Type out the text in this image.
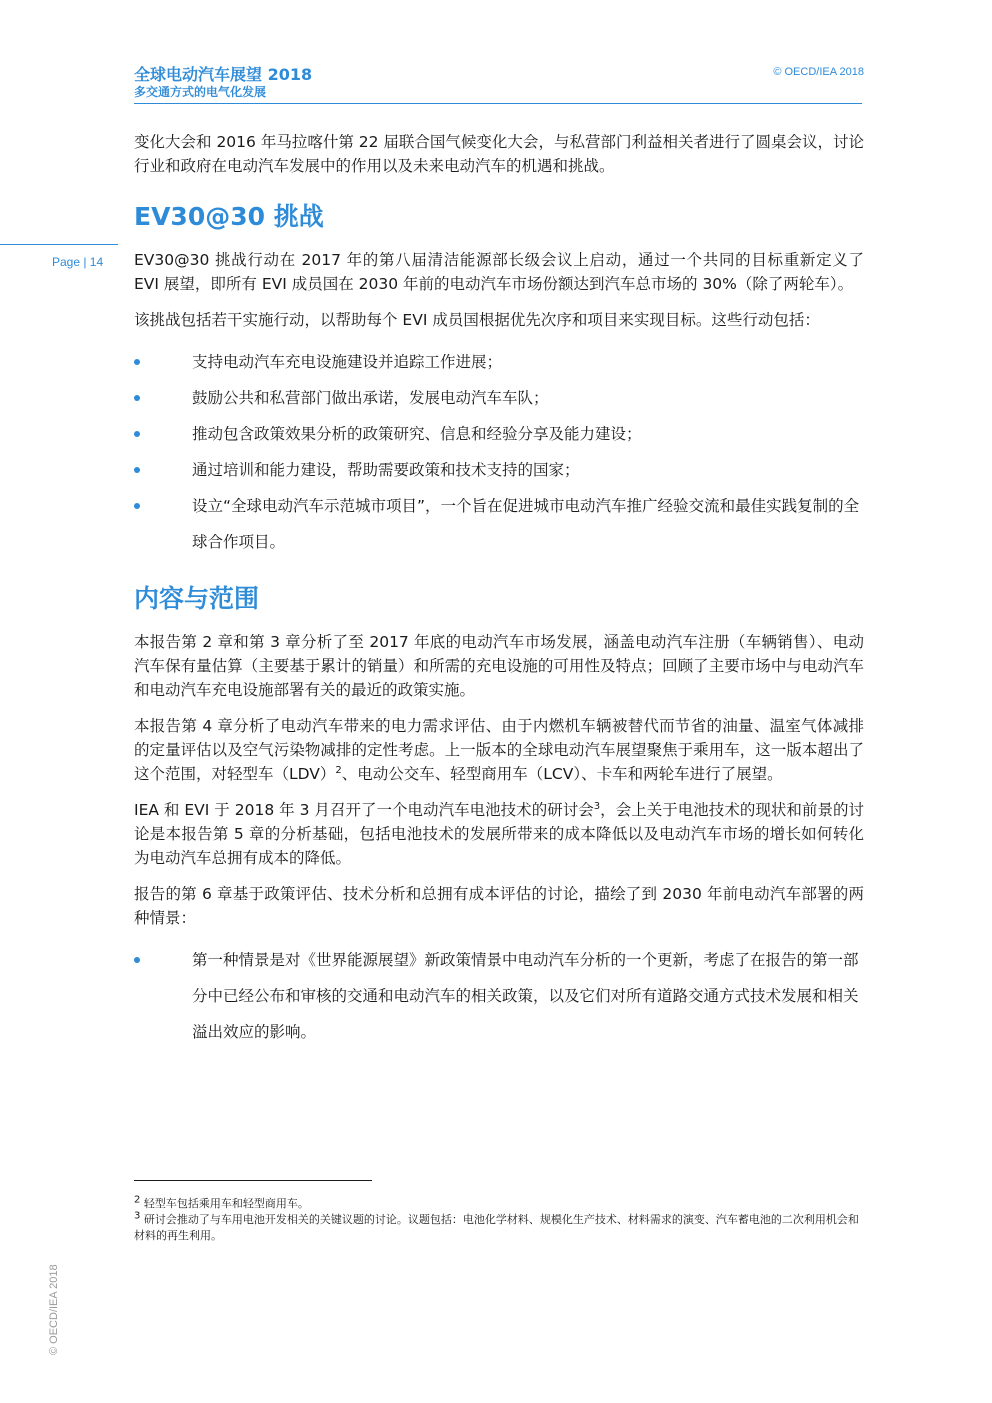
全球电动汽车展望 2018
多交通方式的电气化发展
© OECD/IEA 2018
Page | 14

变化大会和 2016 年马拉喀什第 22 届联合国气候变化大会，与私营部门利益相关者进行了圆桌会议，讨论行业和政府在电动汽车发展中的作用以及未来电动汽车的机遇和挑战。

EV30@30 挑战

EV30@30 挑战行动在 2017 年的第八届清洁能源部长级会议上启动，通过一个共同的目标重新定义了 EVI 展望，即所有 EVI 成员国在 2030 年前的电动汽车市场份额达到汽车总市场的 30%（除了两轮车）。

该挑战包括若干实施行动，以帮助每个 EVI 成员国根据优先次序和项目来实现目标。这些行动包括：

支持电动汽车充电设施建设并追踪工作进展；
鼓励公共和私营部门做出承诺，发展电动汽车车队；
推动包含政策效果分析的政策研究、信息和经验分享及能力建设；
通过培训和能力建设，帮助需要政策和技术支持的国家；
设立“全球电动汽车示范城市项目”，一个旨在促进城市电动汽车推广经验交流和最佳实践复制的全球合作项目。
内容与范围

本报告第 2 章和第 3 章分析了至 2017 年底的电动汽车市场发展，涵盖电动汽车注册（车辆销售）、电动汽车保有量估算（主要基于累计的销量）和所需的充电设施的可用性及特点；回顾了主要市场中与电动汽车和电动汽车充电设施部署有关的最近的政策实施。

本报告第 4 章分析了电动汽车带来的电力需求评估、由于内燃机车辆被替代而节省的油量、温室气体减排的定量评估以及空气污染物减排的定性考虑。上一版本的全球电动汽车展望聚焦于乘用车，这一版本超出了这个范围，对轻型车（LDV）$^2$、电动公交车、轻型商用车（LCV）、卡车和两轮车进行了展望。

IEA 和 EVI 于 2018 年 3 月召开了一个电动汽车电池技术的研讨会$^3$，会上关于电池技术的现状和前景的讨论是本报告第 5 章的分析基础，包括电池技术的发展所带来的成本降低以及电动汽车市场的增长如何转化为电动汽车总拥有成本的降低。

报告的第 6 章基于政策评估、技术分析和总拥有成本评估的讨论，描绘了到 2030 年前电动汽车部署的两种情景：

第一种情景是对《世界能源展望》新政策情景中电动汽车分析的一个更新，考虑了在报告的第一部分中已经公布和审核的交通和电动汽车的相关政策，以及它们对所有道路交通方式技术发展和相关溢出效应的影响。
$^2$ 轻型车包括乘用车和轻型商用车。
$^3$ 研讨会推动了与车用电池开发相关的关键议题的讨论。议题包括：电池化学材料、规模化生产技术、材料需求的演变、汽车蓄电池的二次利用机会和材料的再生利用。
© OECD/IEA 2018
